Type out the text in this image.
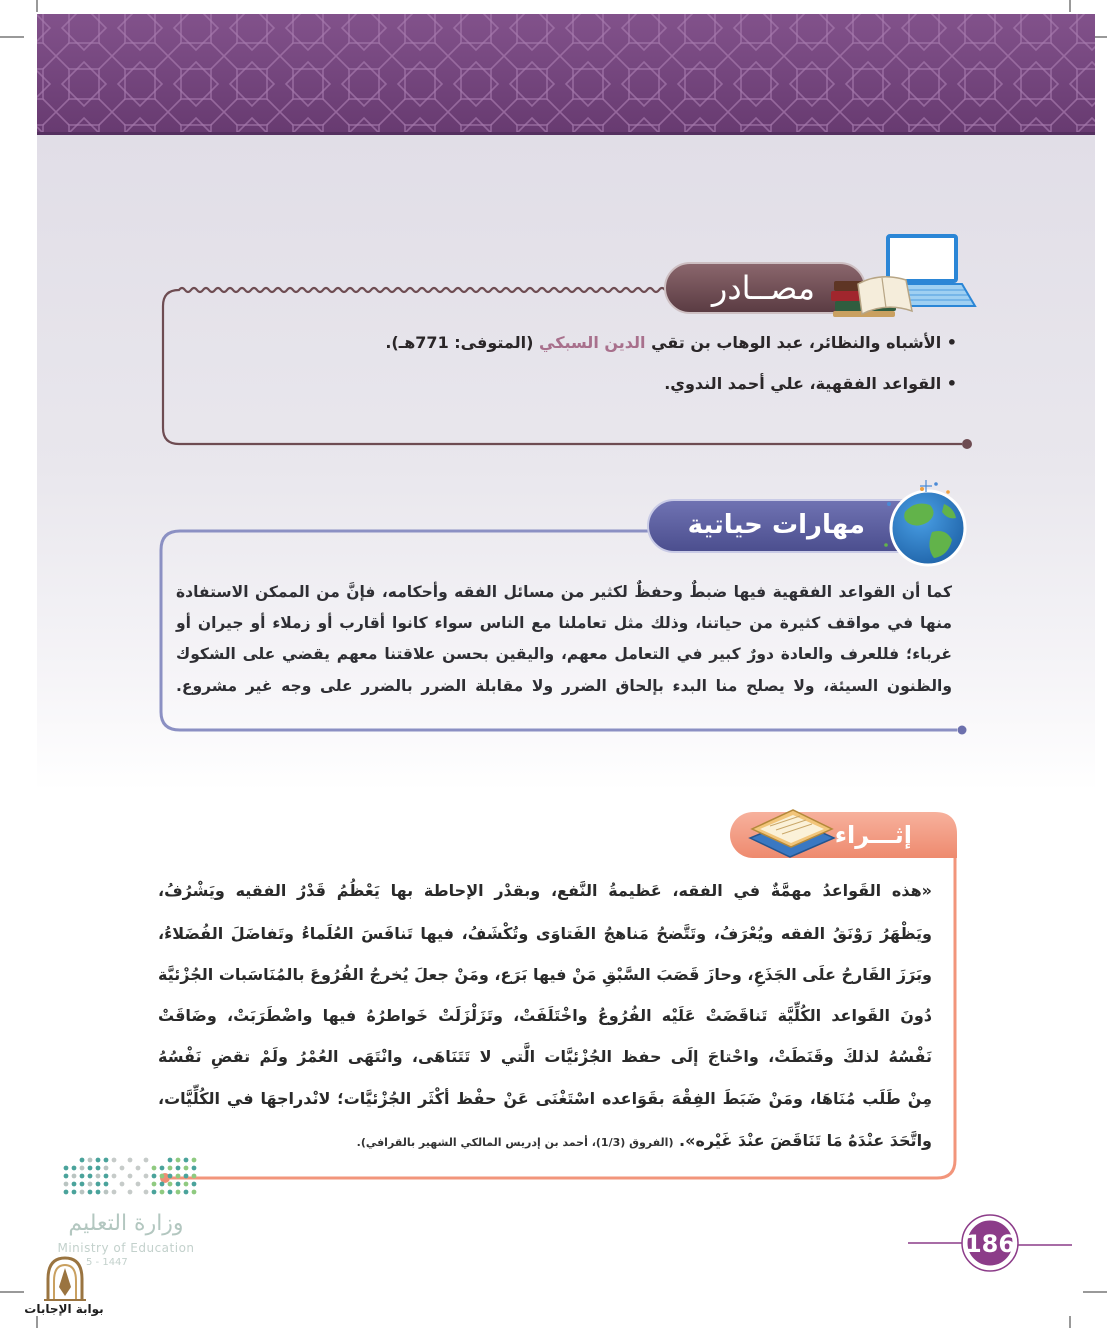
186
مصــادر
• الأشباه والنظائر، عبد الوهاب بن تقي الدين السبكي (المتوفى: 771هـ).
• القواعد الفقهية، علي أحمد الندوي.
مهارات حياتية
كما أن القواعد الفقهية فيها ضبطٌ وحفظٌ لكثير من مسائل الفقه وأحكامه، فإنَّ من الممكن الاستفادة
منها في مواقف كثيرة من حياتنا، وذلك مثل تعاملنا مع الناس سواء كانوا أقارب أو زملاء أو جيران أو
غرباء؛ فللعرف والعادة دورٌ كبير في التعامل معهم، واليقين بحسن علاقتنا معهم يقضي على الشكوك
والظنون السيئة، ولا يصلح منا البدء بإلحاق الضرر ولا مقابلة الضرر بالضرر على وجه غير مشروع.
إثـــراء
«هذه القَواعدُ مهمَّةٌ في الفقه، عَظيمةُ النَّفع، وبقدْر الإحاطة بها يَعْظُمُ قَدْرُ الفقيه ويَشْرُفُ،
ويَظْهَرُ رَوْنَقُ الفقه ويُعْرَفُ، وتَتَّضحُ مَناهجُ الفَتاوَى وتُكْشَفُ، فيها تَنافَسَ العُلَماءُ وتَفاضَلَ الفُضَلاءُ،
وبَرَزَ القَارحُ علَى الجَذَعِ، وحازَ قَصَبَ السَّبْقِ مَنْ فيها بَرَع، ومَنْ جعلَ يُخرجُ الفُرُوعَ بالمُنَاسَبات الجُزْئيَّة
دُونَ القَواعد الكُلِّيَّة تَناقَضَتْ عَلَيْه الفُرُوعُ واخْتَلَفَتْ، وتَزَلْزَلَتْ خَواطرُهُ فيها واضْطَرَبَتْ، وضَاقَتْ
نَفْسُهُ لذلكَ وقَنَطَتْ، واحْتاجَ إلَى حفظ الجُزْئيَّات الَّتي لا تَتَنَاهَى، وانْتَهَى العُمْرُ ولَمْ تقضِ نَفْسُهُ
مِنْ طَلَب مُنَاهَا، ومَنْ ضَبَطَ الفِقْهَ بقَوَاعده اسْتَغْنَى عَنْ حفْظ أكْثَر الجُزْئيَّات؛ لانْدراجهَا في الكُلِّيَّات،
واتَّحَدَ عنْدَهُ مَا تَنَاقَضَ عنْدَ غَيْره». (الفروق (1/3)، أحمد بن إدريس المالكي الشهير بالقرافي).
وزارة التعليم
Ministry of Education
5 - 1447
بوابة الإجابات
